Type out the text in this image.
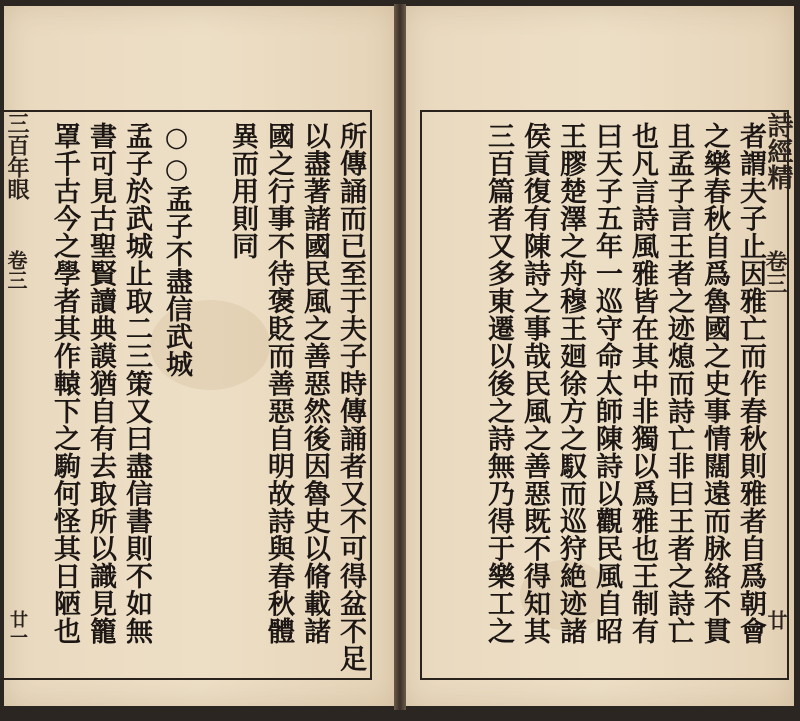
詩經精
卷三
廿
三百年眼
卷三
廿一	者謂夫子止因雅亡而作春秋則雅者自爲朝會
之樂春秋自爲魯國之史事情闊遠而脉絡不貫
且孟子言王者之迹熄而詩亡非曰王者之詩亡
也凡言詩風雅皆在其中非獨以爲雅也王制有
曰天子五年一巡守命太師陳詩以觀民風自昭
王膠楚澤之舟穆王廻徐方之馭而巡狩絶迹諸
侯貢復有陳詩之事哉民風之善惡既不得知其
三百篇者又多東遷以後之詩無乃得于樂工之
所傳誦而已至于夫子時傳誦者又不可得盆不足
以盡著諸國民風之善惡然後因魯史以脩載諸
國之行事不待褒貶而善惡自明故詩與春秋體
異而用則同
○○孟子不盡信武城
孟子於武城止取二三策又曰盡信書則不如無
書可見古聖賢讀典謨猶自有去取所以識見籠
罩千古今之學者其作轅下之駒何怪其日陋也
